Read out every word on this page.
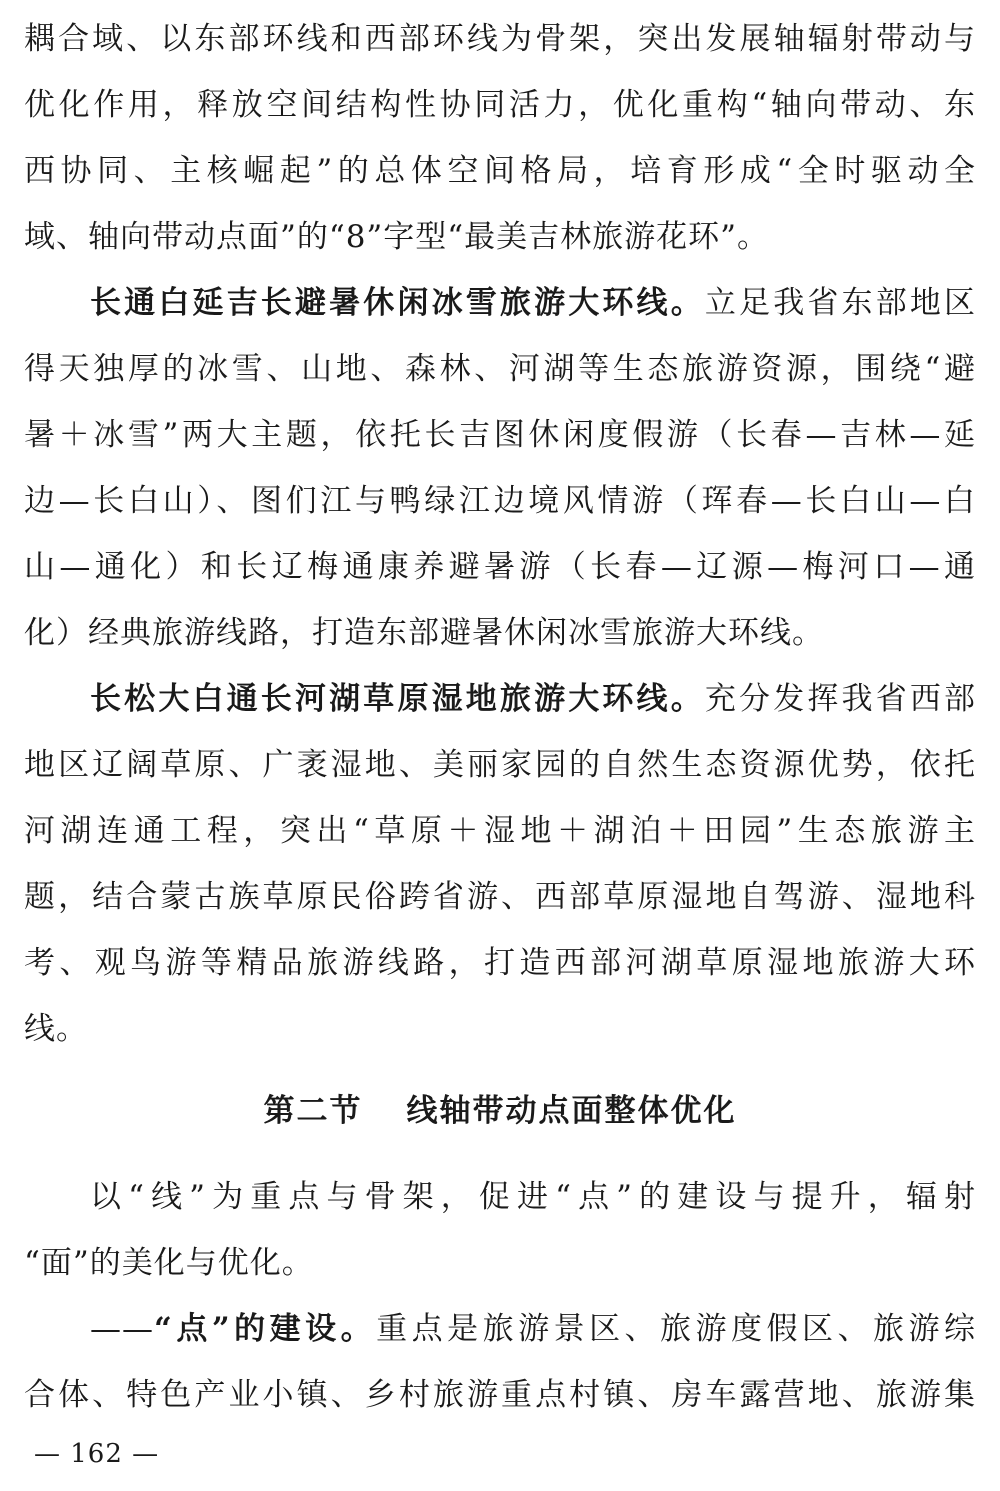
耦合域、以东部环线和西部环线为骨架，突出发展轴辐射带动与
优化作用，释放空间结构性协同活力，优化重构“轴向带动、东
西协同、主核崛起”的总体空间格局，培育形成“全时驱动全
域、轴向带动点面”的“8”字型“最美吉林旅游花环”。
长通白延吉长避暑休闲冰雪旅游大环线。立足我省东部地区
得天独厚的冰雪、山地、森林、河湖等生态旅游资源，围绕“避
暑＋冰雪”两大主题，依托长吉图休闲度假游（长春—吉林—延
边—长白山）、图们江与鸭绿江边境风情游（珲春—长白山—白
山—通化）和长辽梅通康养避暑游（长春—辽源—梅河口—通
化）经典旅游线路，打造东部避暑休闲冰雪旅游大环线。
长松大白通长河湖草原湿地旅游大环线。充分发挥我省西部
地区辽阔草原、广袤湿地、美丽家园的自然生态资源优势，依托
河湖连通工程，突出“草原＋湿地＋湖泊＋田园”生态旅游主
题，结合蒙古族草原民俗跨省游、西部草原湿地自驾游、湿地科
考、观鸟游等精品旅游线路，打造西部河湖草原湿地旅游大环
线。
第二节 线轴带动点面整体优化
以“线”为重点与骨架，促进“点”的建设与提升，辐射
“面”的美化与优化。
——“点”的建设。重点是旅游景区、旅游度假区、旅游综
合体、特色产业小镇、乡村旅游重点村镇、房车露营地、旅游集
— 162 —
